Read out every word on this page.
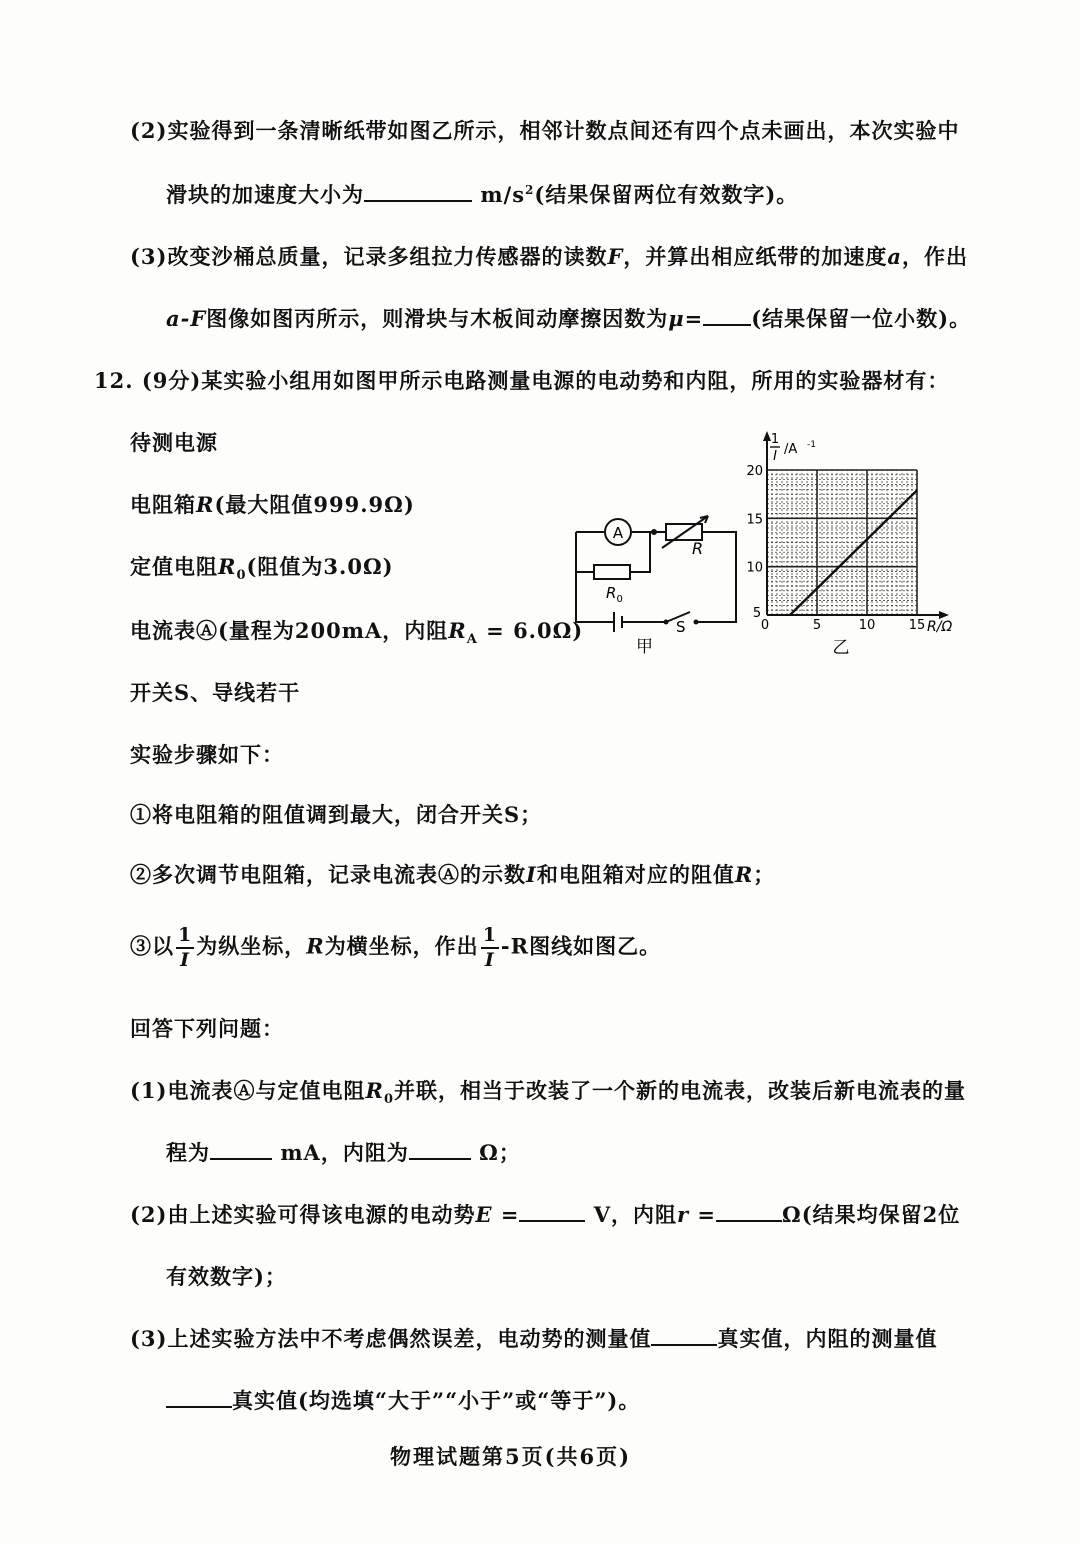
(2)实验得到一条清晰纸带如图乙所示，相邻计数点间还有四个点未画出，本次实验中
滑块的加速度大小为	$m/s^2$(结果保留两位有效数字)。
(3)改变沙桶总质量，记录多组拉力传感器的读数F，并算出相应纸带的加速度a，作出
a-F图像如图丙所示，则滑块与木板间动摩擦因数为μ= (结果保留一位小数)。
12. (9分)某实验小组用如图甲所示电路测量电源的电动势和内阻，所用的实验器材有：
待测电源
电阻箱R(最大阻值999.9Ω)
定值电阻$R_0$(阻值为3.0Ω)
电流表Ⓐ(量程为200mA，内阻$R_A = 6.0\Omega$)
开关S、导线若干
实验步骤如下：
①将电阻箱的阻值调到最大，闭合开关S；
②多次调节电阻箱，记录电流表Ⓐ的示数I和电阻箱对应的阻值R；
③以 $\frac{1}{I}$ 为纵坐标，R为横坐标，作出 $\frac{1}{I} -R$图线如图乙。
回答下列问题：
(1)电流表Ⓐ与定值电阻$R_0$并联，相当于改装了一个新的电流表，改装后新电流表的量
程为	mA，内阻为	Ω；
(2)由上述实验可得该电源的电动势E =	V，内阻r =	Ω(结果均保留2位
有效数字)；
(3)上述实验方法中不考虑偶然误差，电动势的测量值	真实值，内阻的测量值
真实值(均选填“大于”“小于”或“等于”)。
物理试题第5页(共6页)
A
R
$R_0$
S
甲
0
5
5	10	15
10
15
20
R/Ω
1
I /A -1
乙
